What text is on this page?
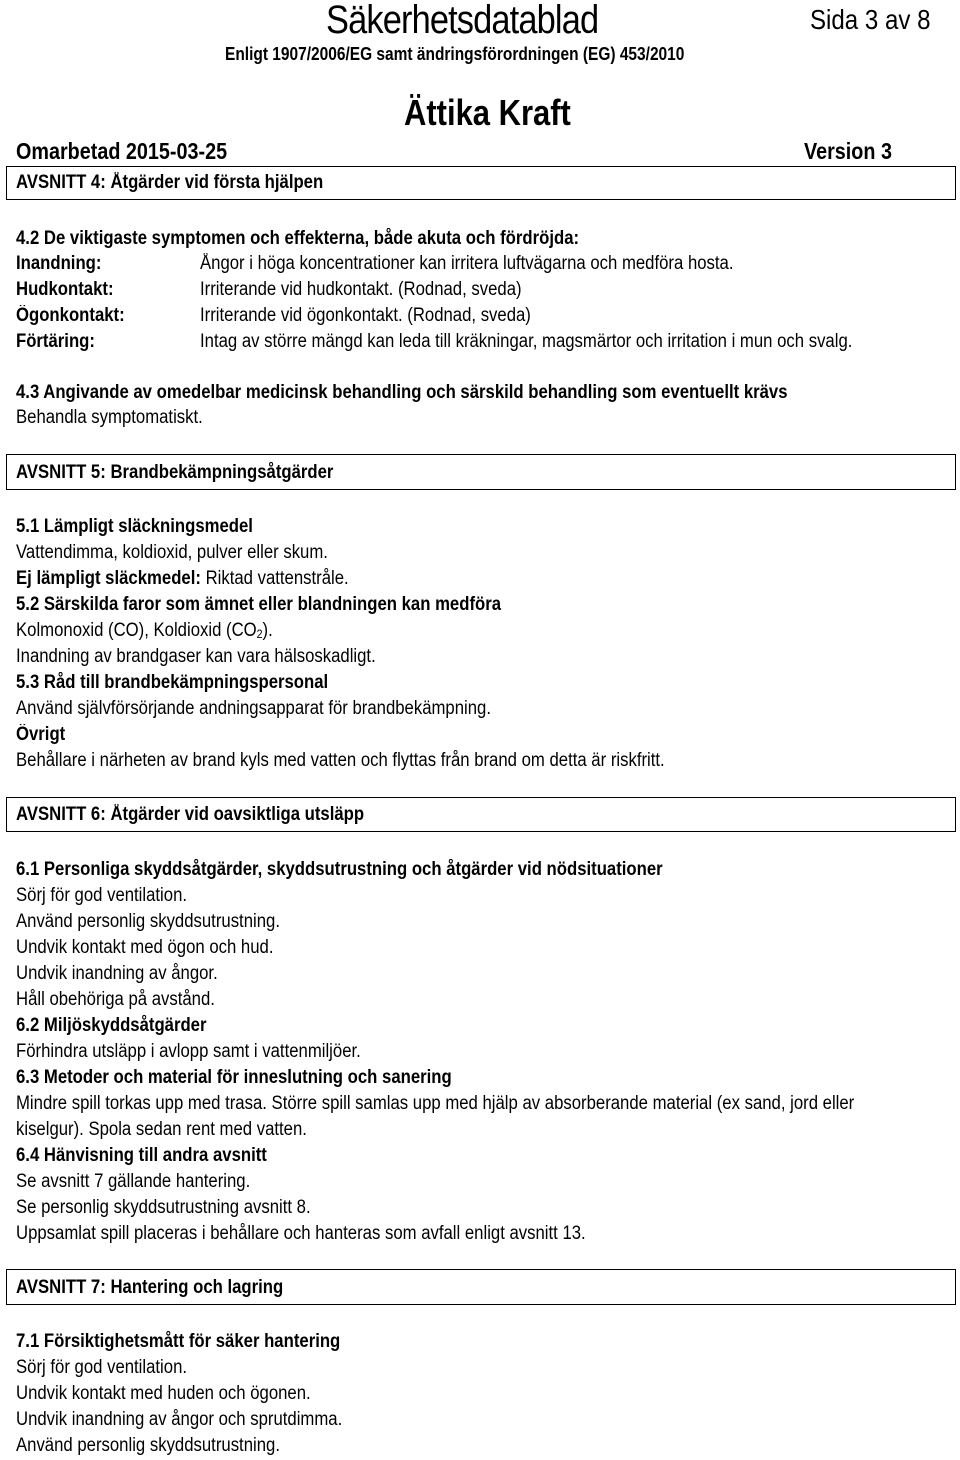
Säkerhetsdatablad	Sida 3 av 8
Enligt 1907/2006/EG samt ändringsförordningen (EG) 453/2010
Ättika Kraft
Omarbetad 2015-03-25	Version 3
AVSNITT 4: Åtgärder vid första hjälpen
4.2 De viktigaste symptomen och effekterna, både akuta och fördröjda:
Inandning:	Ångor i höga koncentrationer kan irritera luftvägarna och medföra hosta.
Hudkontakt:	Irriterande vid hudkontakt. (Rodnad, sveda)
Ögonkontakt:	Irriterande vid ögonkontakt. (Rodnad, sveda)
Förtäring:	Intag av större mängd kan leda till kräkningar, magsmärtor och irritation i mun och svalg.
4.3 Angivande av omedelbar medicinsk behandling och särskild behandling som eventuellt krävs
Behandla symptomatiskt.
AVSNITT 5: Brandbekämpningsåtgärder
5.1 Lämpligt släckningsmedel
Vattendimma, koldioxid, pulver eller skum.
Ej lämpligt släckmedel: Riktad vattenstråle.
5.2 Särskilda faror som ämnet eller blandningen kan medföra
Kolmonoxid (CO), Koldioxid $(CO_2)$.
Inandning av brandgaser kan vara hälsoskadligt.
5.3 Råd till brandbekämpningspersonal
Använd självförsörjande andningsapparat för brandbekämpning.
Övrigt
Behållare i närheten av brand kyls med vatten och flyttas från brand om detta är riskfritt.
AVSNITT 6: Åtgärder vid oavsiktliga utsläpp
6.1 Personliga skyddsåtgärder, skyddsutrustning och åtgärder vid nödsituationer
Sörj för god ventilation.
Använd personlig skyddsutrustning.
Undvik kontakt med ögon och hud.
Undvik inandning av ångor.
Håll obehöriga på avstånd.
6.2 Miljöskyddsåtgärder
Förhindra utsläpp i avlopp samt i vattenmiljöer.
6.3 Metoder och material för inneslutning och sanering
Mindre spill torkas upp med trasa. Större spill samlas upp med hjälp av absorberande material (ex sand, jord eller
kiselgur). Spola sedan rent med vatten.
6.4 Hänvisning till andra avsnitt
Se avsnitt 7 gällande hantering.
Se personlig skyddsutrustning avsnitt 8.
Uppsamlat spill placeras i behållare och hanteras som avfall enligt avsnitt 13.
AVSNITT 7: Hantering och lagring
7.1 Försiktighetsmått för säker hantering
Sörj för god ventilation.
Undvik kontakt med huden och ögonen.
Undvik inandning av ångor och sprutdimma.
Använd personlig skyddsutrustning.
